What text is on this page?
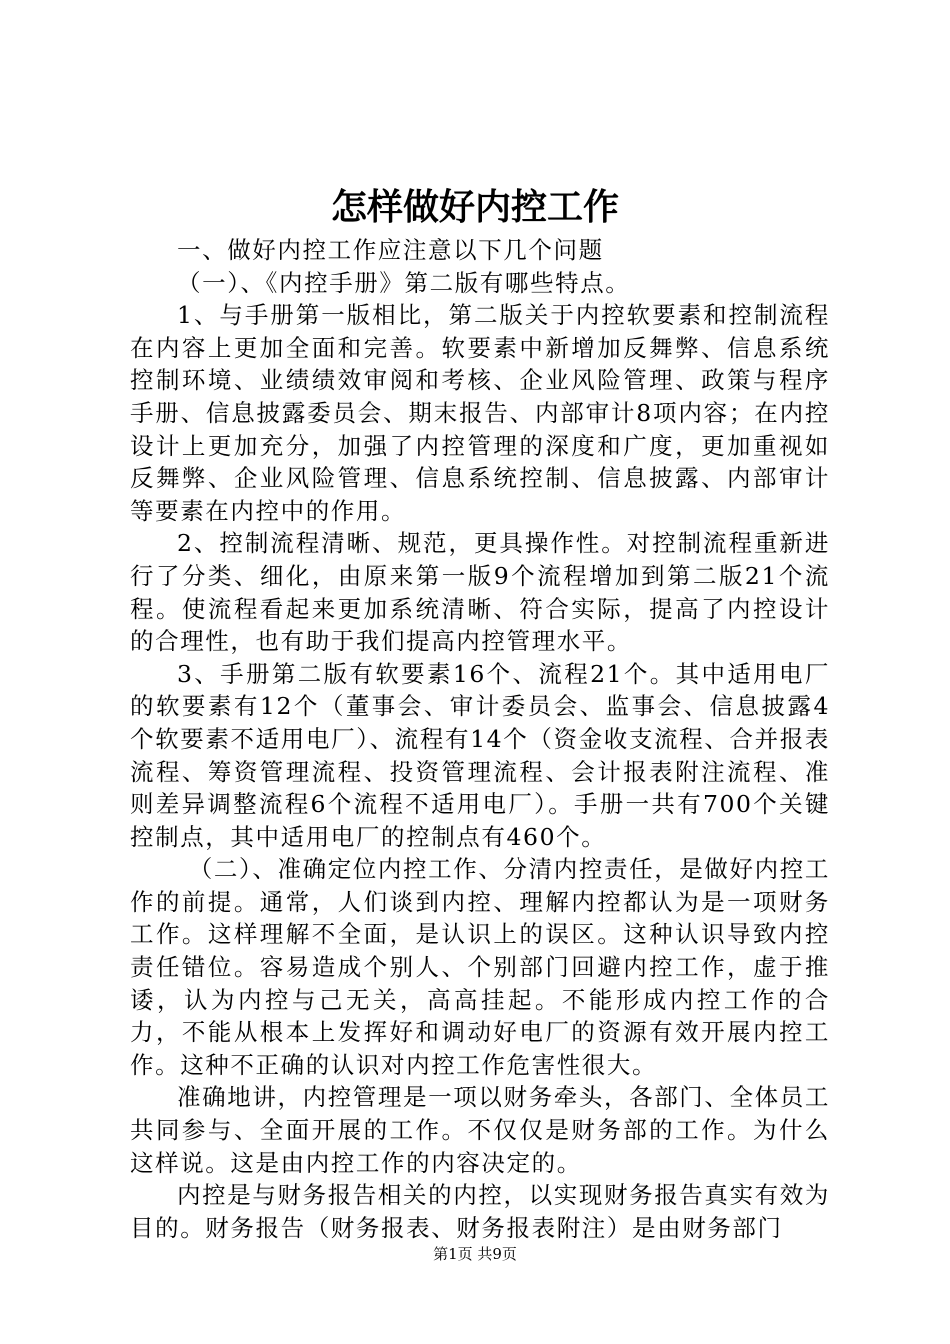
怎样做好内控工作

一、做好内控工作应注意以下几个问题

（一）、《内控手册》第二版有哪些特点。

1、与手册第一版相比，第二版关于内控软要素和控制流程在内容上更加全面和完善。软要素中新增加反舞弊、信息系统控制环境、业绩绩效审阅和考核、企业风险管理、政策与程序手册、信息披露委员会、期末报告、内部审计8项内容；在内控设计上更加充分，加强了内控管理的深度和广度，更加重视如反舞弊、企业风险管理、信息系统控制、信息披露、内部审计等要素在内控中的作用。

2、控制流程清晰、规范，更具操作性。对控制流程重新进行了分类、细化，由原来第一版9个流程增加到第二版21个流程。使流程看起来更加系统清晰、符合实际，提高了内控设计的合理性，也有助于我们提高内控管理水平。

3、手册第二版有软要素16个、流程21个。其中适用电厂的软要素有12个（董事会、审计委员会、监事会、信息披露4个软要素不适用电厂）、流程有14个（资金收支流程、合并报表流程、筹资管理流程、投资管理流程、会计报表附注流程、准则差异调整流程6个流程不适用电厂）。手册一共有700个关键控制点，其中适用电厂的控制点有460个。

（二）、准确定位内控工作、分清内控责任，是做好内控工作的前提。通常，人们谈到内控、理解内控都认为是一项财务工作。这样理解不全面，是认识上的误区。这种认识导致内控责任错位。容易造成个别人、个别部门回避内控工作，虚于推诿，认为内控与己无关，高高挂起。不能形成内控工作的合力，不能从根本上发挥好和调动好电厂的资源有效开展内控工作。这种不正确的认识对内控工作危害性很大。

准确地讲，内控管理是一项以财务牵头，各部门、全体员工共同参与、全面开展的工作。不仅仅是财务部的工作。为什么这样说。这是由内控工作的内容决定的。

内控是与财务报告相关的内控，以实现财务报告真实有效为目的。财务报告（财务报表、财务报表附注）是由财务部门

第1页 共9页
